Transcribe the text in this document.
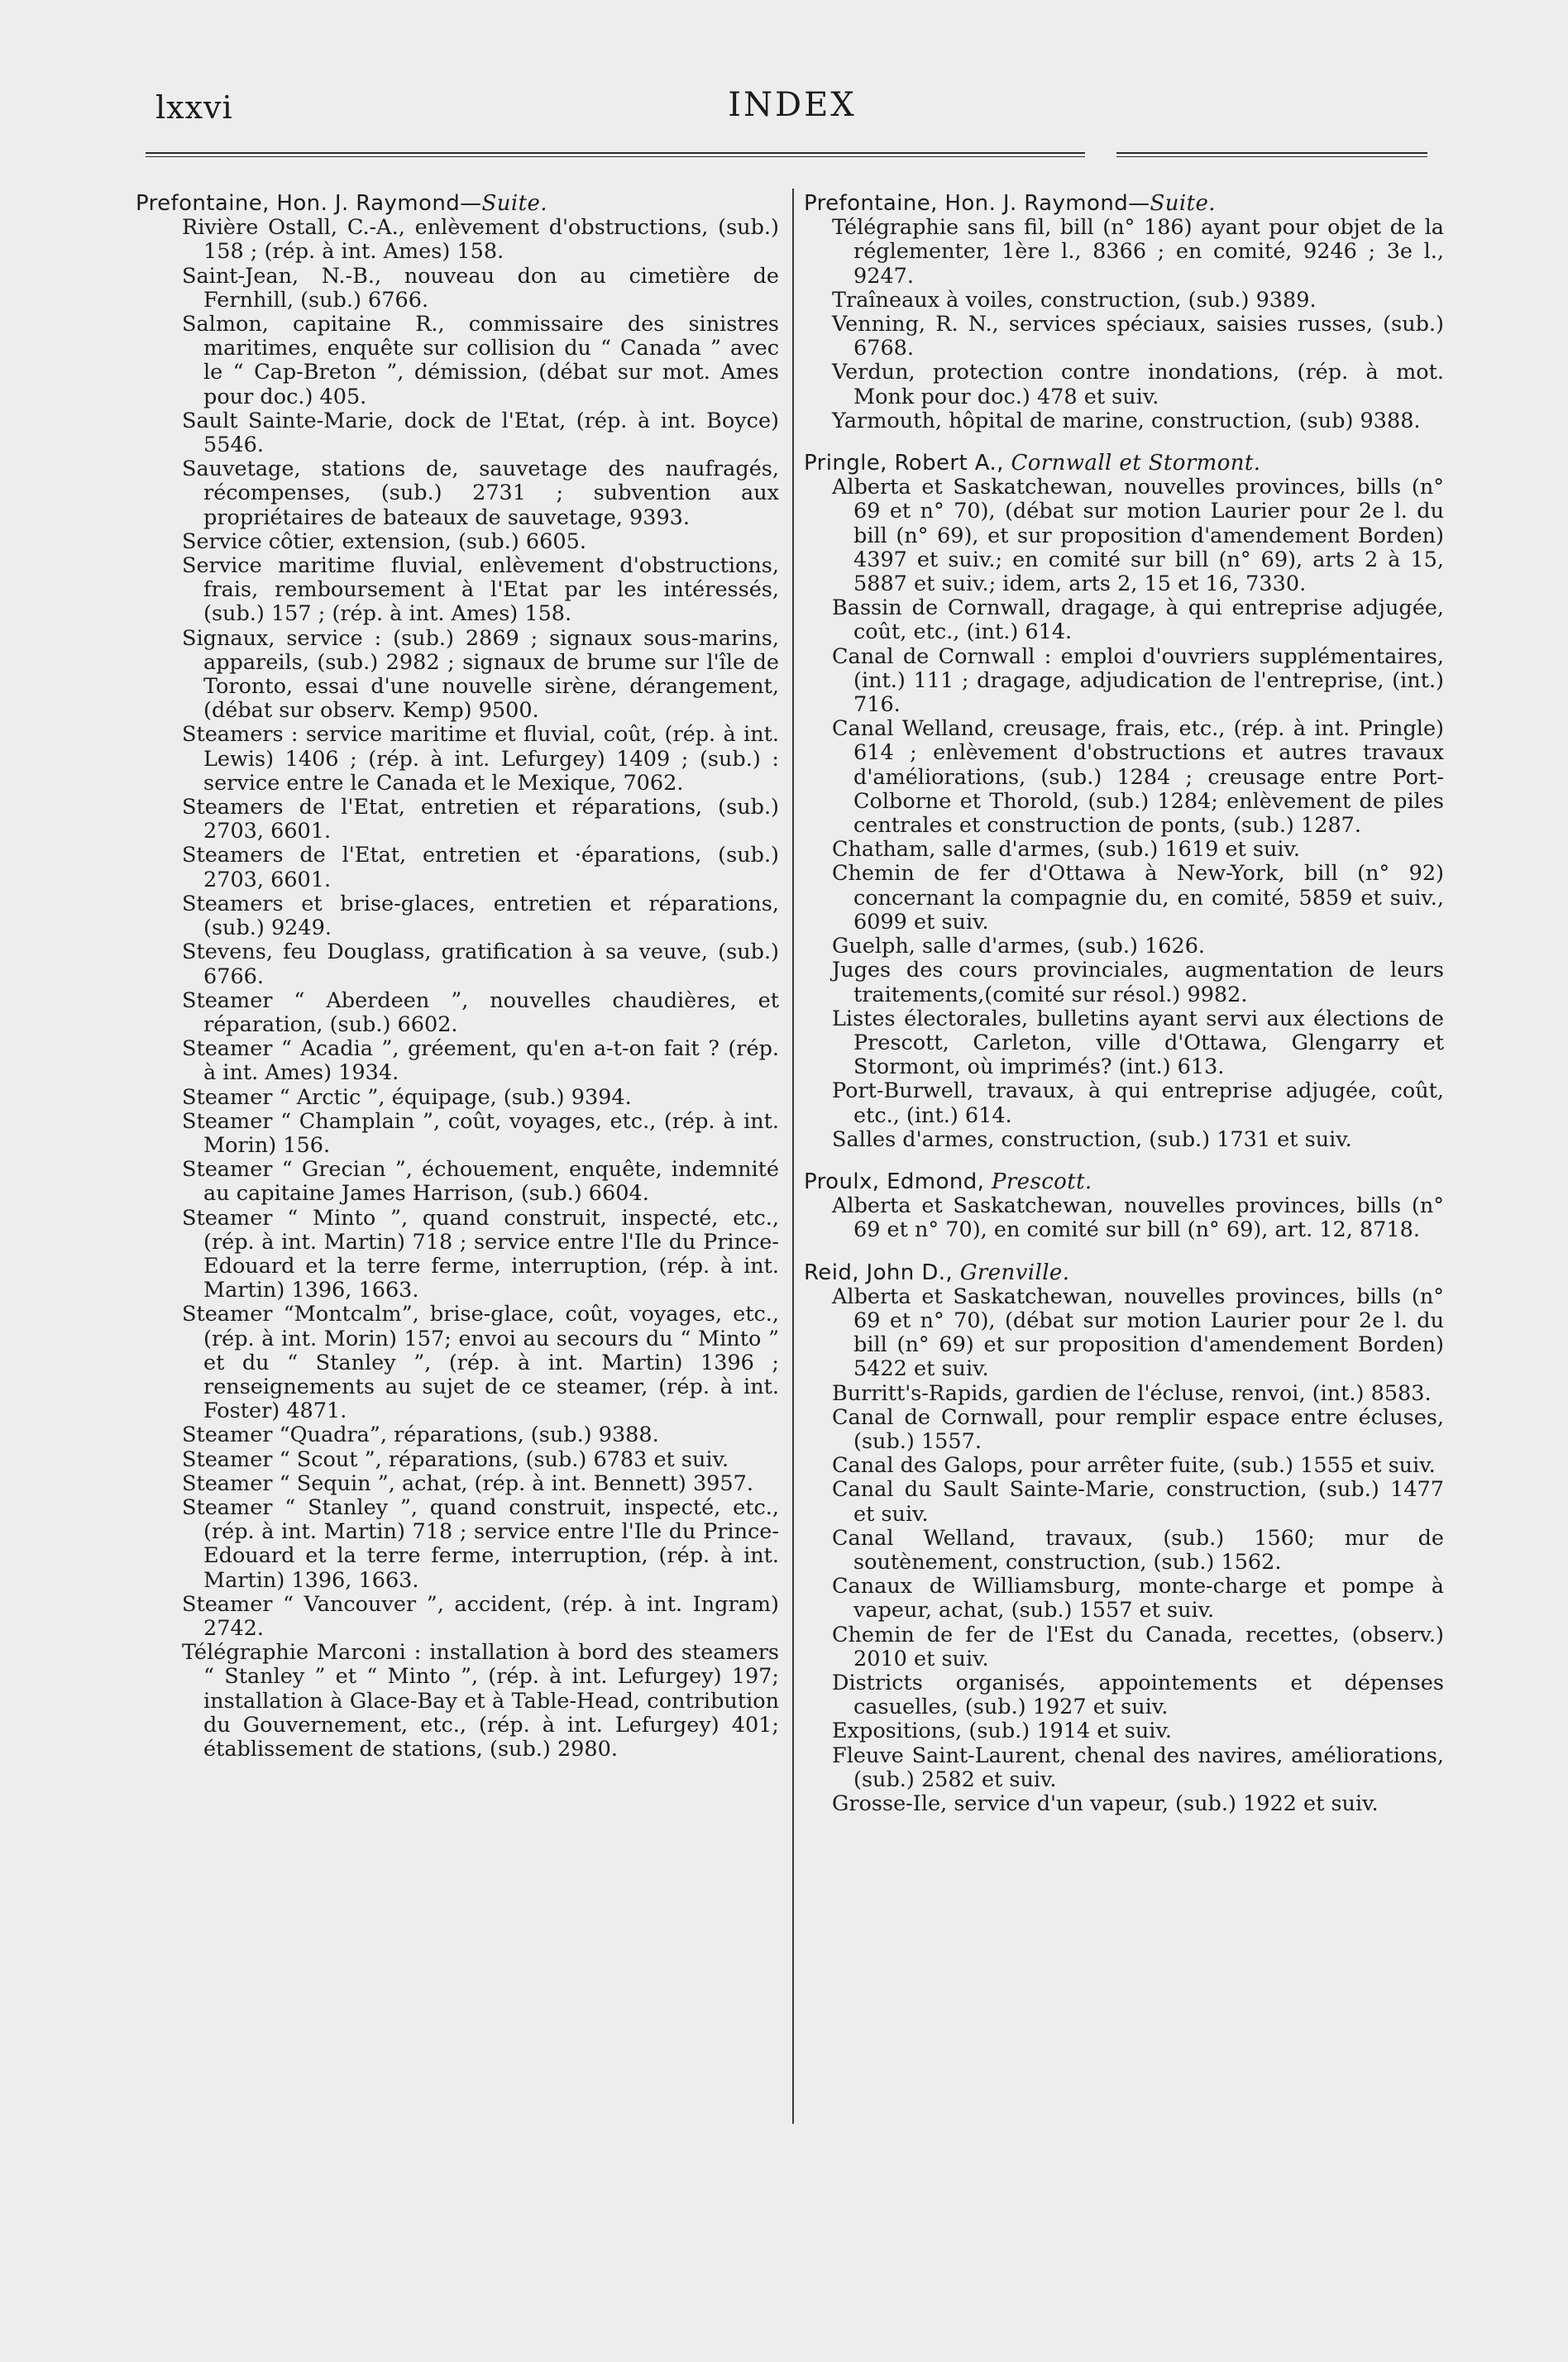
lxxvi	INDEX
Prefontaine, Hon. J. Raymond—Suite.
Rivière Ostall, C.-A., enlèvement d'obstructions, (sub.) 158 ; (rép. à int. Ames) 158.
Saint-Jean, N.-B., nouveau don au cimetière de Fernhill, (sub.) 6766.
Salmon, capitaine R., commissaire des sinistres maritimes, enquête sur collision du “ Canada ” avec le “ Cap-Breton ”, démission, (débat sur mot. Ames pour doc.) 405.
Sault Sainte-Marie, dock de l'Etat, (rép. à int. Boyce) 5546.
Sauvetage, stations de, sauvetage des naufragés, récompenses, (sub.) 2731 ; subvention aux propriétaires de bateaux de sauvetage, 9393.
Service côtier, extension, (sub.) 6605.
Service maritime fluvial, enlèvement d'obstructions, frais, remboursement à l'Etat par les intéressés, (sub.) 157 ; (rép. à int. Ames) 158.
Signaux, service : (sub.) 2869 ; signaux sous-marins, appareils, (sub.) 2982 ; signaux de brume sur l'île de Toronto, essai d'une nouvelle sirène, dérangement, (débat sur observ. Kemp) 9500.
Steamers : service maritime et fluvial, coût, (rép. à int. Lewis) 1406 ; (rép. à int. Lefurgey) 1409 ; (sub.) : service entre le Canada et le Mexique, 7062.
Steamers de l'Etat, entretien et réparations, (sub.) 2703, 6601.
Steamers de l'Etat, entretien et ·éparations, (sub.) 2703, 6601.
Steamers et brise-glaces, entretien et réparations, (sub.) 9249.
Stevens, feu Douglass, gratification à sa veuve, (sub.) 6766.
Steamer “ Aberdeen ”, nouvelles chaudières, et réparation, (sub.) 6602.
Steamer “ Acadia ”, gréement, qu'en a-t-on fait ? (rép. à int. Ames) 1934.
Steamer “ Arctic ”, équipage, (sub.) 9394.
Steamer “ Champlain ”, coût, voyages, etc., (rép. à int. Morin) 156.
Steamer “ Grecian ”, échouement, enquête, indemnité au capitaine James Harrison, (sub.) 6604.
Steamer “ Minto ”, quand construit, inspecté, etc., (rép. à int. Martin) 718 ; service entre l'Ile du Prince-Edouard et la terre ferme, interruption, (rép. à int. Martin) 1396, 1663.
Steamer “Montcalm”, brise-glace, coût, voyages, etc., (rép. à int. Morin) 157; envoi au secours du “ Minto ” et du “ Stanley ”, (rép. à int. Martin) 1396 ; renseignements au sujet de ce steamer, (rép. à int. Foster) 4871.
Steamer “Quadra”, réparations, (sub.) 9388.
Steamer “ Scout ”, réparations, (sub.) 6783 et suiv.
Steamer “ Sequin ”, achat, (rép. à int. Bennett) 3957.
Steamer “ Stanley ”, quand construit, inspecté, etc., (rép. à int. Martin) 718 ; service entre l'Ile du Prince-Edouard et la terre ferme, interruption, (rép. à int. Martin) 1396, 1663.
Steamer “ Vancouver ”, accident, (rép. à int. Ingram) 2742.
Télégraphie Marconi : installation à bord des steamers “ Stanley ” et “ Minto ”, (rép. à int. Lefurgey) 197; installation à Glace-Bay et à Table-Head, contribution du Gouvernement, etc., (rép. à int. Lefurgey) 401; établissement de stations, (sub.) 2980.
Prefontaine, Hon. J. Raymond—Suite.
Télégraphie sans fil, bill (n° 186) ayant pour objet de la réglementer, 1ère l., 8366 ; en comité, 9246 ; 3e l., 9247.
Traîneaux à voiles, construction, (sub.) 9389.
Venning, R. N., services spéciaux, saisies russes, (sub.) 6768.
Verdun, protection contre inondations, (rép. à mot. Monk pour doc.) 478 et suiv.
Yarmouth, hôpital de marine, construction, (sub) 9388.
Pringle, Robert A., Cornwall et Stormont.
Alberta et Saskatchewan, nouvelles provinces, bills (n° 69 et n° 70), (débat sur motion Laurier pour 2e l. du bill (n° 69), et sur proposition d'amendement Borden) 4397 et suiv.; en comité sur bill (n° 69), arts 2 à 15, 5887 et suiv.; idem, arts 2, 15 et 16, 7330.
Bassin de Cornwall, dragage, à qui entreprise adjugée, coût, etc., (int.) 614.
Canal de Cornwall : emploi d'ouvriers supplémentaires, (int.) 111 ; dragage, adjudication de l'entreprise, (int.) 716.
Canal Welland, creusage, frais, etc., (rép. à int. Pringle) 614 ; enlèvement d'obstructions et autres travaux d'améliorations, (sub.) 1284 ; creusage entre Port-Colborne et Thorold, (sub.) 1284; enlèvement de piles centrales et construction de ponts, (sub.) 1287.
Chatham, salle d'armes, (sub.) 1619 et suiv.
Chemin de fer d'Ottawa à New-York, bill (n° 92) concernant la compagnie du, en comité, 5859 et suiv., 6099 et suiv.
Guelph, salle d'armes, (sub.) 1626.
Juges des cours provinciales, augmentation de leurs traitements,(comité sur résol.) 9982.
Listes électorales, bulletins ayant servi aux élections de Prescott, Carleton, ville d'Ottawa, Glengarry et Stormont, où imprimés? (int.) 613.
Port-Burwell, travaux, à qui entreprise adjugée, coût, etc., (int.) 614.
Salles d'armes, construction, (sub.) 1731 et suiv.
Proulx, Edmond, Prescott.
Alberta et Saskatchewan, nouvelles provinces, bills (n° 69 et n° 70), en comité sur bill (n° 69), art. 12, 8718.
Reid, John D., Grenville.
Alberta et Saskatchewan, nouvelles provinces, bills (n° 69 et n° 70), (débat sur motion Laurier pour 2e l. du bill (n° 69) et sur proposition d'amendement Borden) 5422 et suiv.
Burritt's-Rapids, gardien de l'écluse, renvoi, (int.) 8583.
Canal de Cornwall, pour remplir espace entre écluses, (sub.) 1557.
Canal des Galops, pour arrêter fuite, (sub.) 1555 et suiv.
Canal du Sault Sainte-Marie, construction, (sub.) 1477 et suiv.
Canal Welland, travaux, (sub.) 1560; mur de soutènement, construction, (sub.) 1562.
Canaux de Williamsburg, monte-charge et pompe à vapeur, achat, (sub.) 1557 et suiv.
Chemin de fer de l'Est du Canada, recettes, (observ.) 2010 et suiv.
Districts organisés, appointements et dépenses casuelles, (sub.) 1927 et suiv.
Expositions, (sub.) 1914 et suiv.
Fleuve Saint-Laurent, chenal des navires, améliorations, (sub.) 2582 et suiv.
Grosse-Ile, service d'un vapeur, (sub.) 1922 et suiv.
